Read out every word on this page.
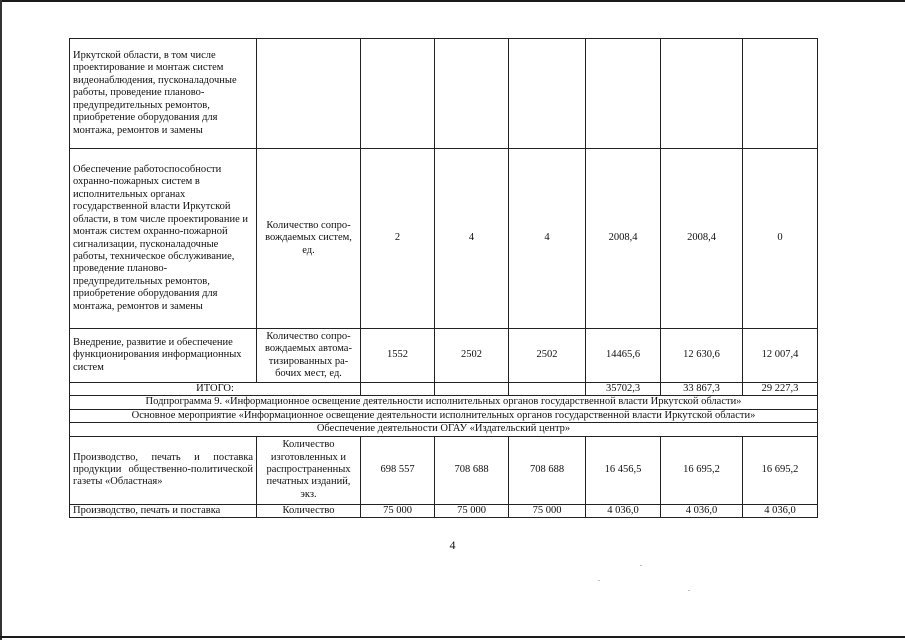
Иркутской области, в том числе проектирование и монтаж систем видеонаблюдения, пусконаладочные работы, проведение планово-предупредительных ремонтов, приобретение оборудования для монтажа, ремонтов и замены							
Обеспечение работоспособности охранно-пожарных систем в исполнительных органах государственной власти Иркутской области, в том числе проектирование и монтаж систем охранно-пожарной сигнализации, пусконаладочные работы, техническое обслуживание, проведение планово-предупредительных ремонтов, приобретение оборудования для монтажа, ремонтов и замены	Количество сопро-вождаемых систем, ед.	2	4	4	2008,4	2008,4	0
Внедрение, развитие и обеспечение функционирования информационных систем	Количество сопро-вождаемых автома-тизированных ра-бочих мест, ед.	1552	2502	2502	14465,6	12 630,6	12 007,4
ИТОГО:					35702,3	33 867,3	29 227,3
Подпрограмма 9. «Информационное освещение деятельности исполнительных органов государственной власти Иркутской области»							
Основное мероприятие «Информационное освещение деятельности исполнительных органов государственной власти Иркутской области»							
Обеспечение деятельности ОГАУ «Издательский центр»							
Производство, печать и поставка продукции общественно-политической газеты «Областная»	Количество изготовленных и распространенных печатных изданий, экз.	698 557	708 688	708 688	16 456,5	16 695,2	16 695,2
Производство, печать и поставка	Количество	75 000	75 000	75 000	4 036,0	4 036,0	4 036,0
4
